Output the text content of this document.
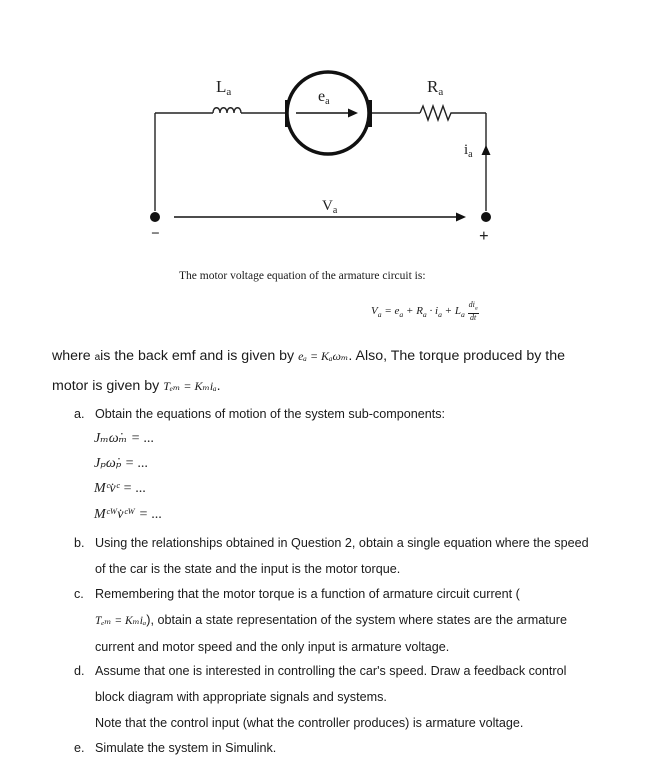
La	Ra
ea
$i_a$
$V_a$
−	+
The motor voltage equation of the armature circuit is:
$V_a = e_a + R_a \cdot i_a + L_a \frac{di_a}{dt}$
where ais the back emf and is given by eₐ = Kₐωₘ. Also, The torque produced by the
motor is given by Tₑₘ = Kₘiₐ.
a. Obtain the equations of motion of the system sub-components:
Jₘω̇ₘ = ...
Jₚω̇ₚ = ...
Mᶜv̇ᶜ = ...
Mᶜᵂv̇ᶜᵂ = ...
b. Using the relationships obtained in Question 2, obtain a single equation where the speed
of the car is the state and the input is the motor torque.
c. Remembering that the motor torque is a function of armature circuit current (
Tₑₘ = Kₘiₐ), obtain a state representation of the system where states are the armature
current and motor speed and the only input is armature voltage.
d. Assume that one is interested in controlling the car's speed. Draw a feedback control
block diagram with appropriate signals and systems.
Note that the control input (what the controller produces) is armature voltage.
e. Simulate the system in Simulink.
